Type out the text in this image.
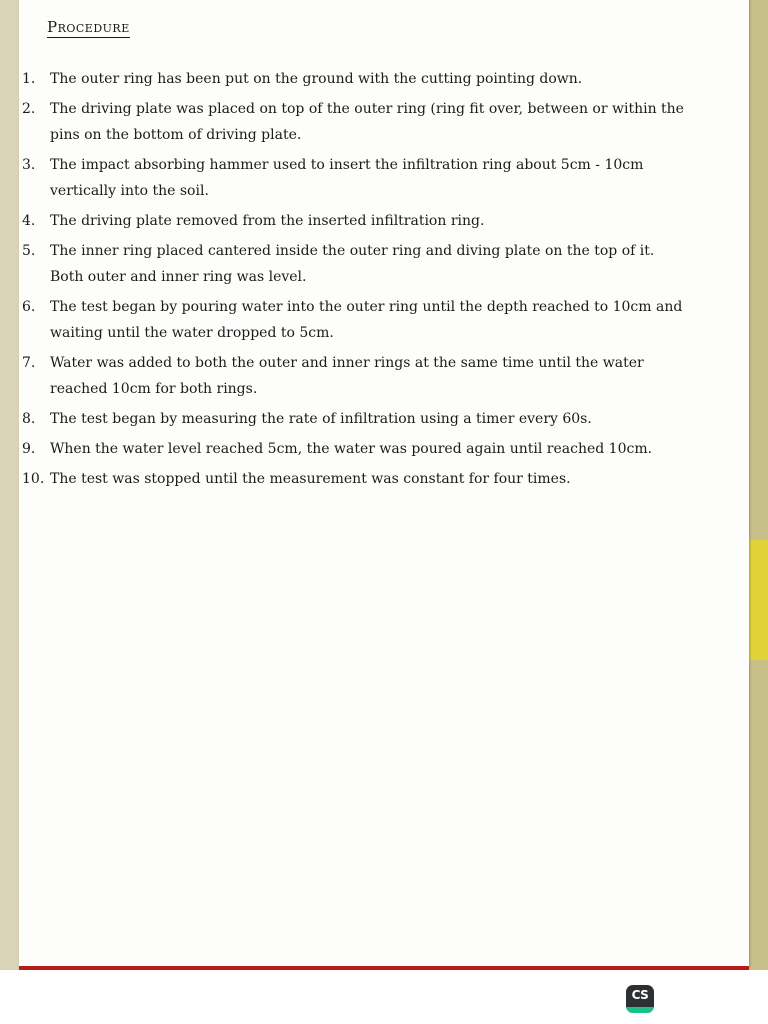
Procedure
1. The outer ring has been put on the ground with the cutting pointing down.
2. The driving plate was placed on top of the outer ring (ring fit over, between or within the pins on the bottom of driving plate.
3. The impact absorbing hammer used to insert the infiltration ring about 5cm - 10cm vertically into the soil.
4. The driving plate removed from the inserted infiltration ring.
5. The inner ring placed cantered inside the outer ring and diving plate on the top of it. Both outer and inner ring was level.
6. The test began by pouring water into the outer ring until the depth reached to 10cm and waiting until the water dropped to 5cm.
7. Water was added to both the outer and inner rings at the same time until the water reached 10cm for both rings.
8. The test began by measuring the rate of infiltration using a timer every 60s.
9. When the water level reached 5cm, the water was poured again until reached 10cm.
10. The test was stopped until the measurement was constant for four times.
CS
